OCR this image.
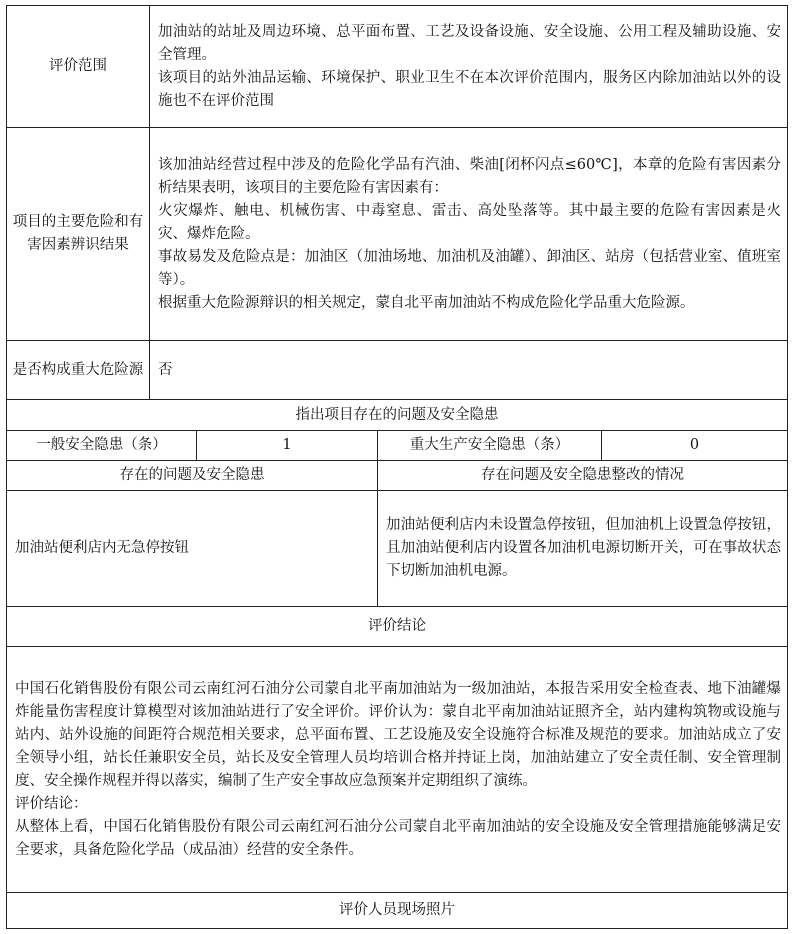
评价范围	加油站的站址及周边环境、总平面布置、工艺及设备设施、安全设施、公用工程及辅助设施、安全管理。
该项目的站外油品运输、环境保护、职业卫生不在本次评价范围内，服务区内除加油站以外的设施也不在评价范围			

项目的主要危险和有害因素辨识结果	该加油站经营过程中涉及的危险化学品有汽油、柴油[闭杯闪点≤60℃]，本章的危险有害因素分析结果表明，该项目的主要危险有害因素有：
火灾爆炸、触电、机械伤害、中毒窒息、雷击、高处坠落等。其中最主要的危险有害因素是火灾、爆炸危险。
事故易发及危险点是：加油区（加油场地、加油机及油罐）、卸油区、站房（包括营业室、值班室等）。
根据重大危险源辩识的相关规定，蒙自北平南加油站不构成危险化学品重大危险源。			

是否构成重大危险源	否			
指出项目存在的问题及安全隐患				
一般安全隐患（条）		1	重大生产安全隐患（条）	0
存在的问题及安全隐患			存在问题及安全隐患整改的情况	
加油站便利店内无急停按钮			加油站便利店内未设置急停按钮，但加油机上设置急停按钮，且加油站便利店内设置各加油机电源切断开关，可在事故状态下切断加油机电源。	
评价结论				

中国石化销售股份有限公司云南红河石油分公司蒙自北平南加油站为一级加油站，本报告采用安全检查表、地下油罐爆炸能量伤害程度计算模型对该加油站进行了安全评价。评价认为：蒙自北平南加油站证照齐全，站内建构筑物或设施与站内、站外设施的间距符合规范相关要求，总平面布置、工艺设施及安全设施符合标准及规范的要求。加油站成立了安全领导小组，站长任兼职安全员，站长及安全管理人员均培训合格并持证上岗，加油站建立了安全责任制、安全管理制度、安全操作规程并得以落实，编制了生产安全事故应急预案并定期组织了演练。
评价结论：
从整体上看，中国石化销售股份有限公司云南红河石油分公司蒙自北平南加油站的安全设施及安全管理措施能够满足安全要求，具备危险化学品（成品油）经营的安全条件。				

评价人员现场照片				
